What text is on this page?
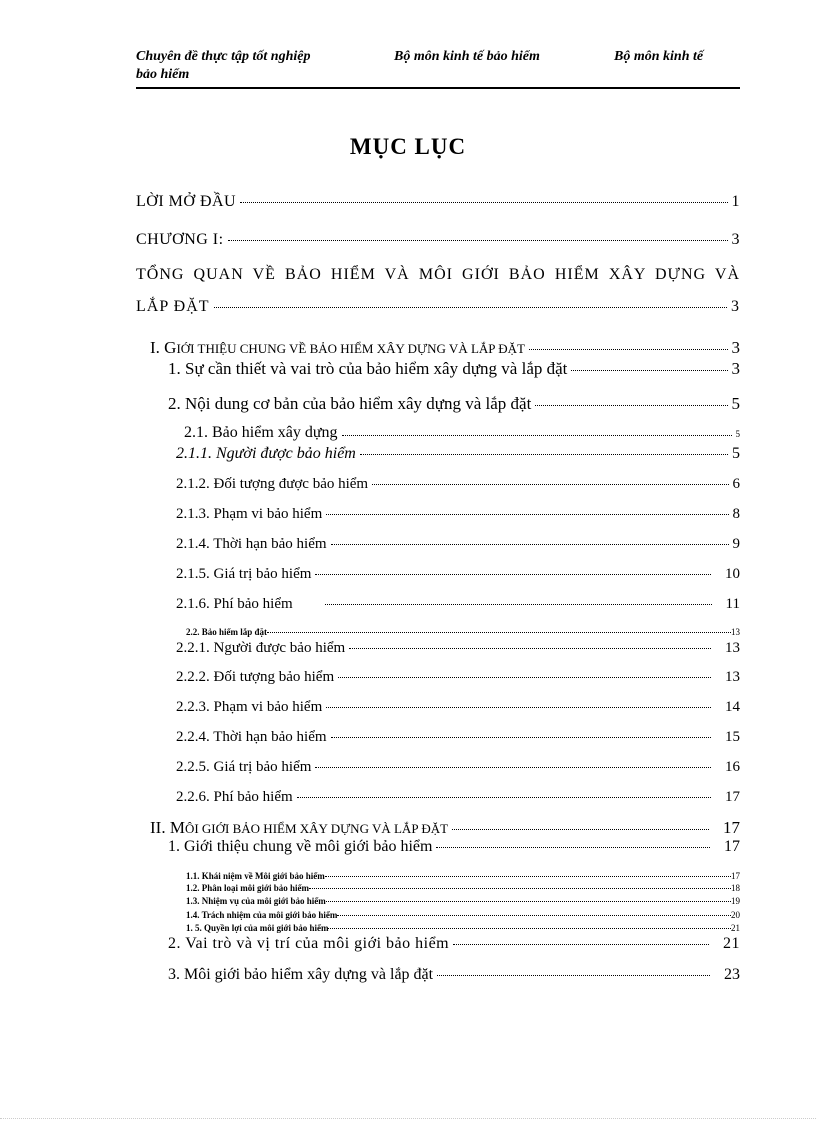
Chuyên đề thực tập tốt nghiệp	Bộ môn kinh tế bảo hiểm	Bộ môn kinh tế
bảo hiểm
MỤC LỤC
LỜI MỞ ĐẦU	1
CHƯƠNG I:	3
TỔNG QUAN VỀ BẢO HIỂM VÀ MÔI GIỚI BẢO HIỂM XÂY DỰNG VÀ
LẮP ĐẶT	3
I. GIỚI THIỆU CHUNG VỀ BẢO HIỂM XÂY DỰNG VÀ LẮP ĐẶT	3
1. Sự cần thiết và vai trò của bảo hiểm xây dựng và lắp đặt	3
2. Nội dung cơ bản của bảo hiểm xây dựng và lắp đặt	5
2.1. Bảo hiểm xây dựng	5
2.1.1. Người được bảo hiểm	5
2.1.2. Đối tượng được bảo hiểm	6
2.1.3. Phạm vi bảo hiểm	8
2.1.4. Thời hạn bảo hiểm	9
2.1.5. Giá trị bảo hiểm	10
2.1.6. Phí bảo hiểm	11
2.2. Bảo hiểm lắp đặt	13
2.2.1. Người được bảo hiểm	13
2.2.2. Đối tượng bảo hiểm	13
2.2.3. Phạm vi bảo hiểm	14
2.2.4. Thời hạn bảo hiểm	15
2.2.5. Giá trị bảo hiểm	16
2.2.6. Phí bảo hiểm	17
II. MÔI GIỚI BẢO HIỂM XÂY DỰNG VÀ LẮP ĐẶT	17
1. Giới thiệu chung về môi giới bảo hiểm	17
1.1. Khái niệm về Môi giới bảo hiểm	17
1.2. Phân loại môi giới bảo hiểm	18
1.3. Nhiệm vụ của môi giới bảo hiểm	19
1.4. Trách nhiệm của môi giới bảo hiểm	20
1. 5. Quyền lợi của môi giới bảo hiểm	21
2. Vai trò và vị trí của môi giới bảo hiểm	21
3. Môi giới bảo hiểm xây dựng và lắp đặt	23
